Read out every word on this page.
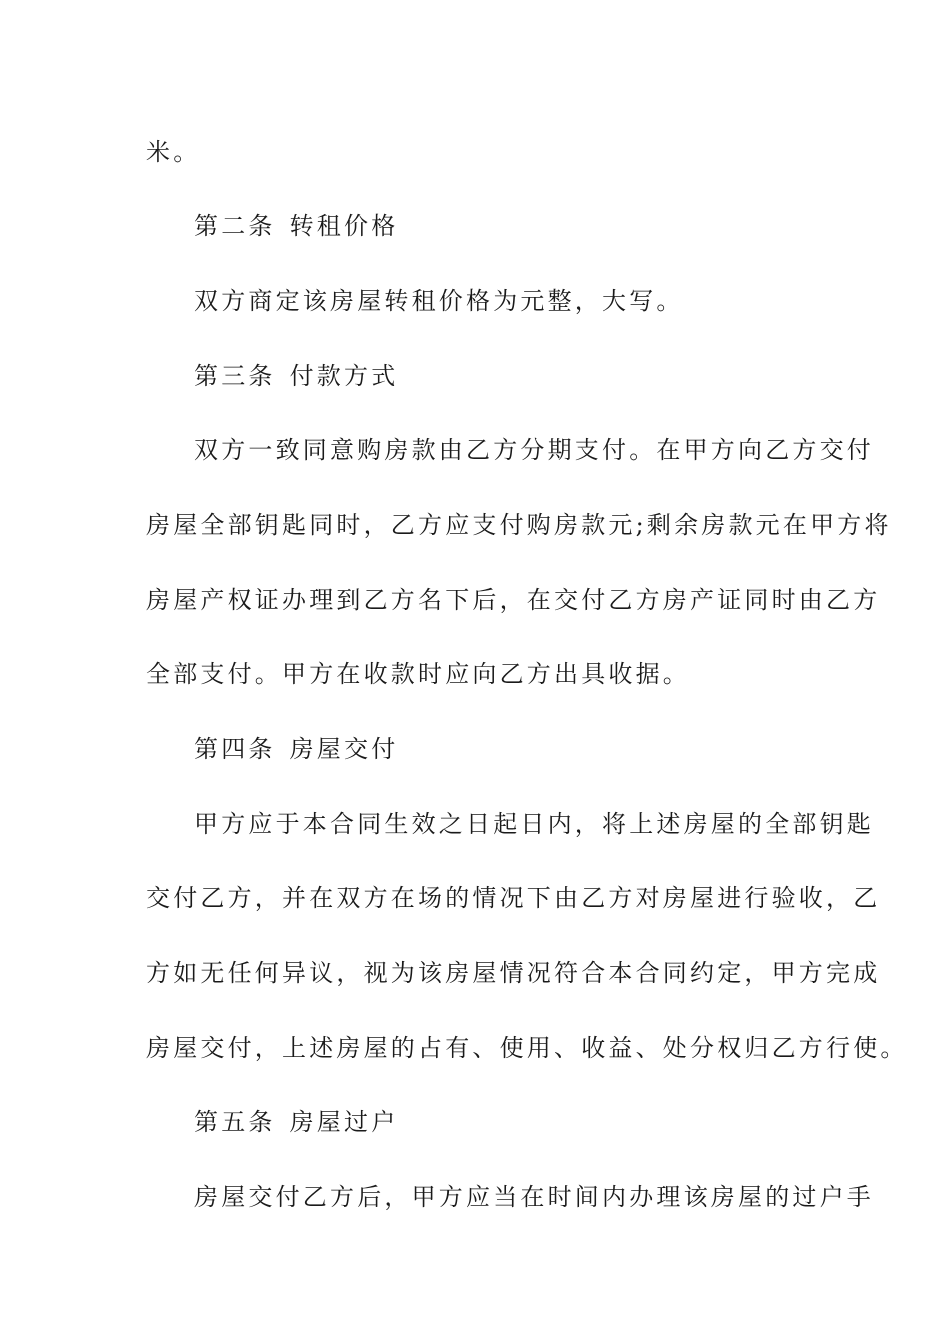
米。
第二条 转租价格
双方商定该房屋转租价格为元整，大写。
第三条 付款方式
双方一致同意购房款由乙方分期支付。在甲方向乙方交付
房屋全部钥匙同时，乙方应支付购房款元;剩余房款元在甲方将
房屋产权证办理到乙方名下后，在交付乙方房产证同时由乙方
全部支付。甲方在收款时应向乙方出具收据。
第四条 房屋交付
甲方应于本合同生效之日起日内，将上述房屋的全部钥匙
交付乙方，并在双方在场的情况下由乙方对房屋进行验收，乙
方如无任何异议，视为该房屋情况符合本合同约定，甲方完成
房屋交付，上述房屋的占有、使用、收益、处分权归乙方行使。
第五条 房屋过户
房屋交付乙方后，甲方应当在时间内办理该房屋的过户手
